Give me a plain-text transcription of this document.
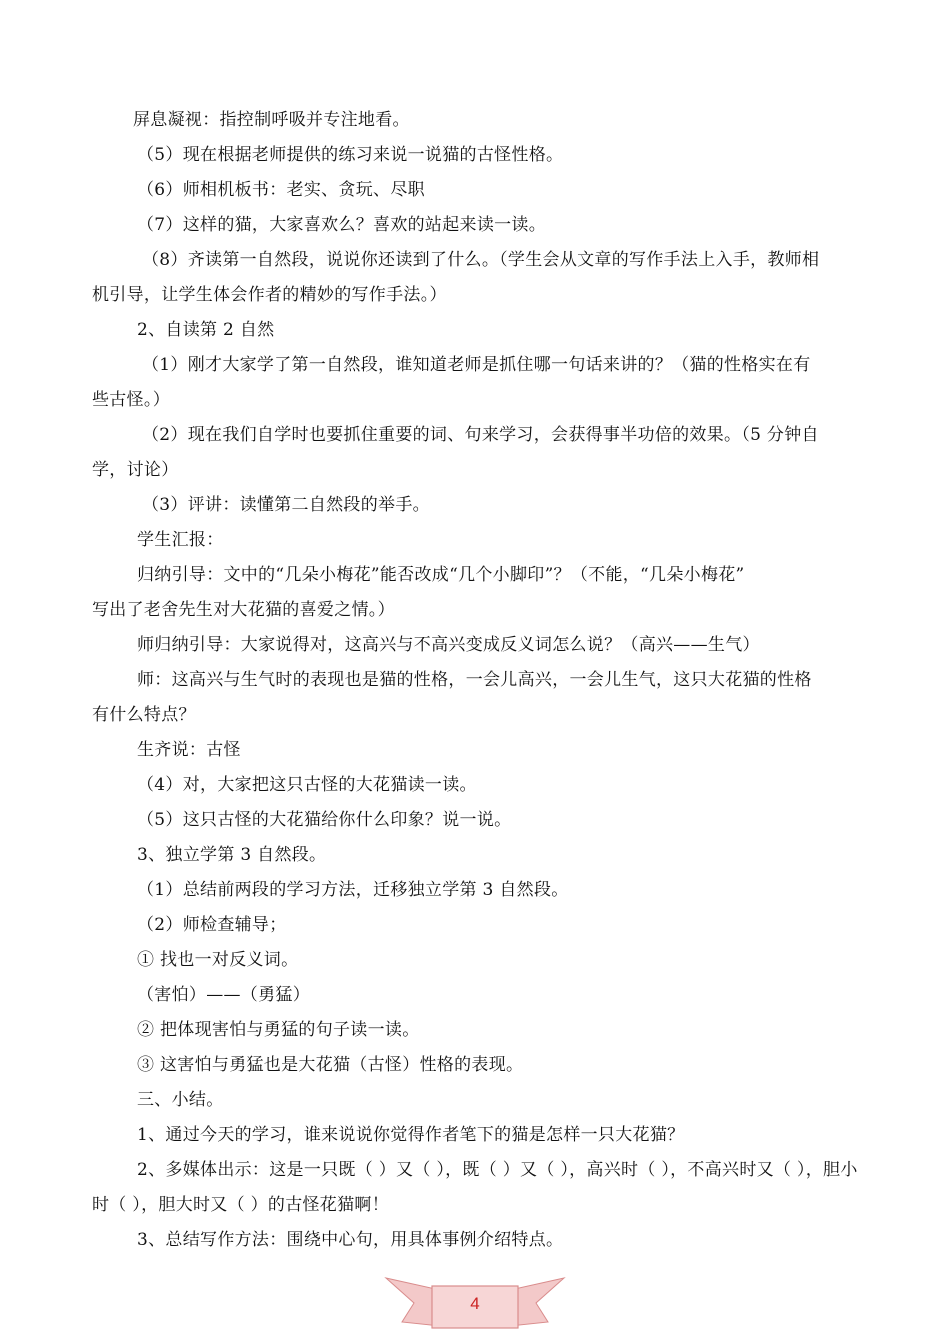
屏息凝视：指控制呼吸并专注地看。
（5）现在根据老师提供的练习来说一说猫的古怪性格。
（6）师相机板书：老实、贪玩、尽职
（7）这样的猫，大家喜欢么？喜欢的站起来读一读。
（8）齐读第一自然段，说说你还读到了什么。（学生会从文章的写作手法上入手，教师相
机引导，让学生体会作者的精妙的写作手法。）
2、自读第 2 自然
（1）刚才大家学了第一自然段，谁知道老师是抓住哪一句话来讲的？（猫的性格实在有
些古怪。）
（2）现在我们自学时也要抓住重要的词、句来学习，会获得事半功倍的效果。（5 分钟自
学，讨论）
（3）评讲：读懂第二自然段的举手。
学生汇报：
归纳引导：文中的“几朵小梅花”能否改成“几个小脚印”？（不能，“几朵小梅花”
写出了老舍先生对大花猫的喜爱之情。）
师归纳引导：大家说得对，这高兴与不高兴变成反义词怎么说？（高兴——生气）
师：这高兴与生气时的表现也是猫的性格，一会儿高兴，一会儿生气，这只大花猫的性格
有什么特点？
生齐说：古怪
（4）对，大家把这只古怪的大花猫读一读。
（5）这只古怪的大花猫给你什么印象？说一说。
3、独立学第 3 自然段。
（1）总结前两段的学习方法，迁移独立学第 3 自然段。
（2）师检查辅导；
① 找也一对反义词。
（害怕）——（勇猛）
② 把体现害怕与勇猛的句子读一读。
③ 这害怕与勇猛也是大花猫（古怪）性格的表现。
三、小结。
1、通过今天的学习，谁来说说你觉得作者笔下的猫是怎样一只大花猫？
2、多媒体出示：这是一只既（ ）又（ ），既（ ）又（ ），高兴时（ ），不高兴时又（ ），胆小
时（ ），胆大时又（ ）的古怪花猫啊！
3、总结写作方法：围绕中心句，用具体事例介绍特点。
4
